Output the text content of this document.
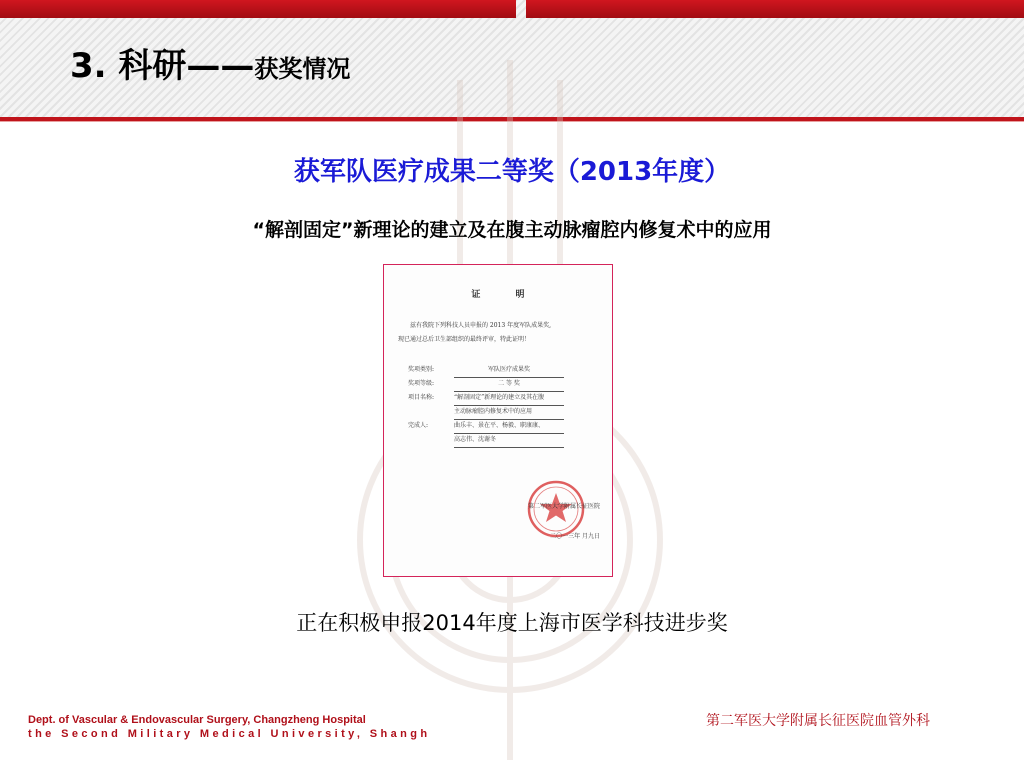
3. 科研——获奖情况
获军队医疗成果二等奖（2013年度）
“解剖固定”新理论的建立及在腹主动脉瘤腔内修复术中的应用
证 明
兹有我院下列科技人员申报的 2013 年度军队成果奖,
现已通过总后卫生部组织的最终评审，特此证明！
奖项类别:	军队医疗成果奖
奖项等级:	二 等 奖
项目名称:	“解剖固定”新理论的建立及其在腹
主动脉瘤腔内修复术中的应用
完成人:	曲乐丰、景在平、杨毅、职康康、
高志伟、沈谢冬
第二军医大学附属长征医院
二〇一三年 月九日
正在积极申报2014年度上海市医学科技进步奖
Dept. of Vascular & Endovascular Surgery, Changzheng Hospital
the Second Military Medical University, Shangh
第二军医大学附属长征医院血管外科
